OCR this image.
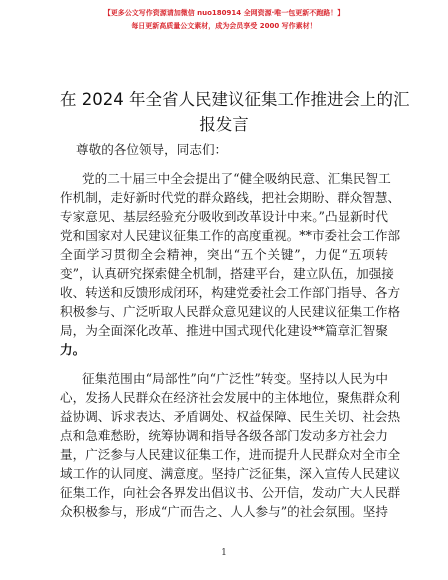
【更多公文写作资源请加微信 nuo180914 全网资源·唯一包更新不跑路！】
每日更新高质量公文素材，成为会员享受 2000 写作素材！
在 2024 年全省人民建议征集工作推进会上的汇
报发言
尊敬的各位领导，同志们：
党的二十届三中全会提出了“健全吸纳民意、汇集民智工
作机制，走好新时代党的群众路线，把社会期盼、群众智慧、
专家意见、基层经验充分吸收到改革设计中来。”凸显新时代
党和国家对人民建议征集工作的高度重视。**市委社会工作部
全面学习贯彻全会精神，突出“五个关键”，力促“五项转
变”，认真研究探索健全机制，搭建平台，建立队伍，加强接
收、转送和反馈形成闭环，构建党委社会工作部门指导、各方
积极参与、广泛听取人民群众意见建议的人民建议征集工作格
局，为全面深化改革、推进中国式现代化建设**篇章汇智聚
力。
征集范围由“局部性”向“广泛性”转变。坚持以人民为中
心，发扬人民群众在经济社会发展中的主体地位，聚焦群众利
益协调、诉求表达、矛盾调处、权益保障、民生关切、社会热
点和急难愁盼，统筹协调和指导各级各部门发动多方社会力
量，广泛参与人民建议征集工作，进而提升人民群众对全市全
域工作的认同度、满意度。坚持广泛征集，深入宣传人民建议
征集工作，向社会各界发出倡议书、公开信，发动广大人民群
众积极参与，形成“广而告之、人人参与”的社会氛围。坚持
1
